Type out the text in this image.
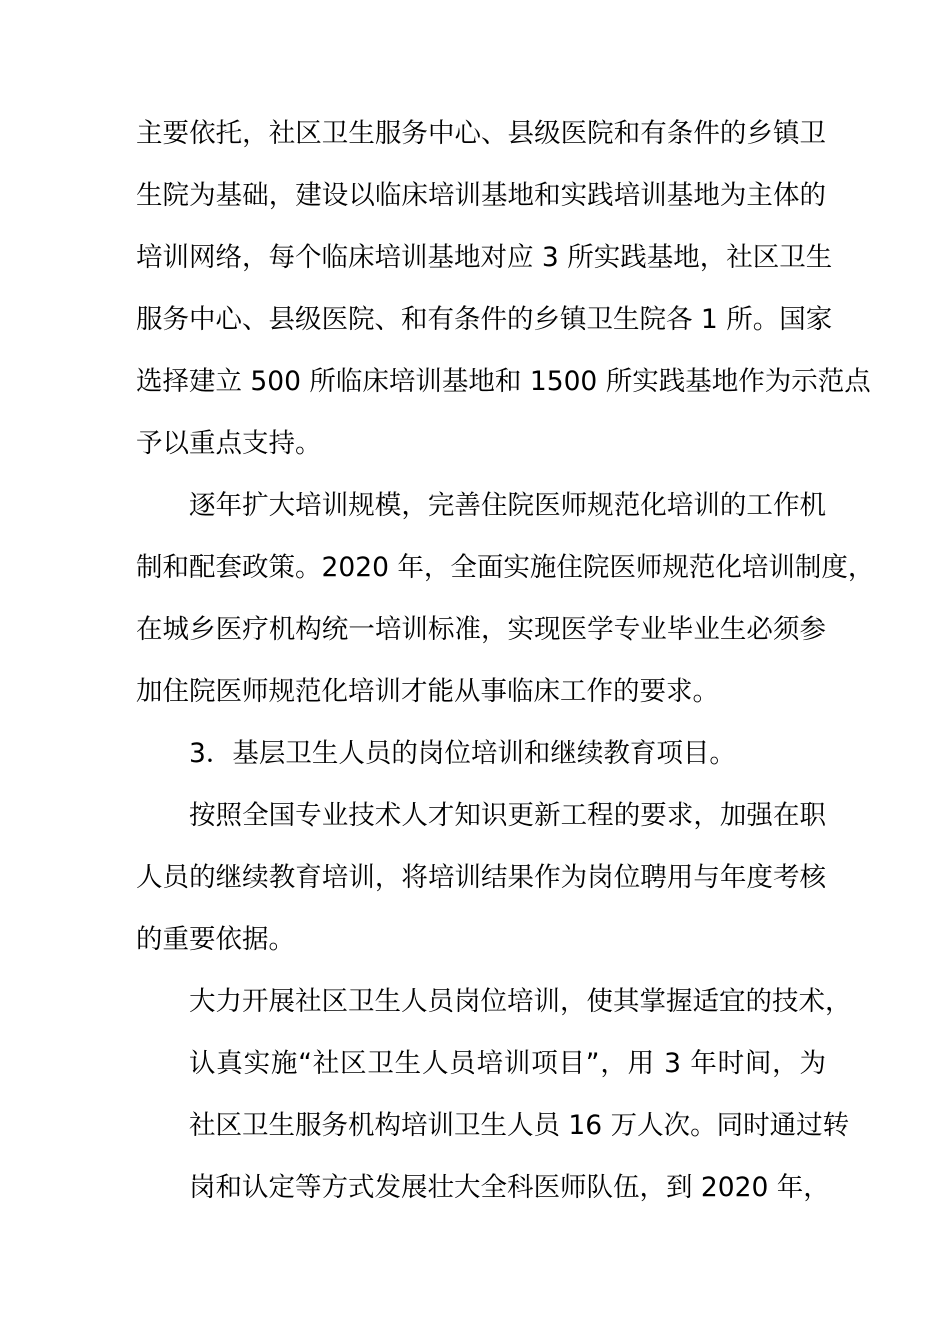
主要依托，社区卫生服务中心、县级医院和有条件的乡镇卫
生院为基础，建设以临床培训基地和实践培训基地为主体的
培训网络，每个临床培训基地对应 3 所实践基地，社区卫生
服务中心、县级医院、和有条件的乡镇卫生院各 1 所。国家
选择建立 500 所临床培训基地和 1500 所实践基地作为示范点
予以重点支持。
逐年扩大培训规模，完善住院医师规范化培训的工作机
制和配套政策。2020 年，全面实施住院医师规范化培训制度，
在城乡医疗机构统一培训标准，实现医学专业毕业生必须参
加住院医师规范化培训才能从事临床工作的要求。
3．基层卫生人员的岗位培训和继续教育项目。
按照全国专业技术人才知识更新工程的要求，加强在职
人员的继续教育培训，将培训结果作为岗位聘用与年度考核
的重要依据。
大力开展社区卫生人员岗位培训，使其掌握适宜的技术，
认真实施“社区卫生人员培训项目”，用 3 年时间，为
社区卫生服务机构培训卫生人员 16 万人次。同时通过转
岗和认定等方式发展壮大全科医师队伍，到 2020 年，
